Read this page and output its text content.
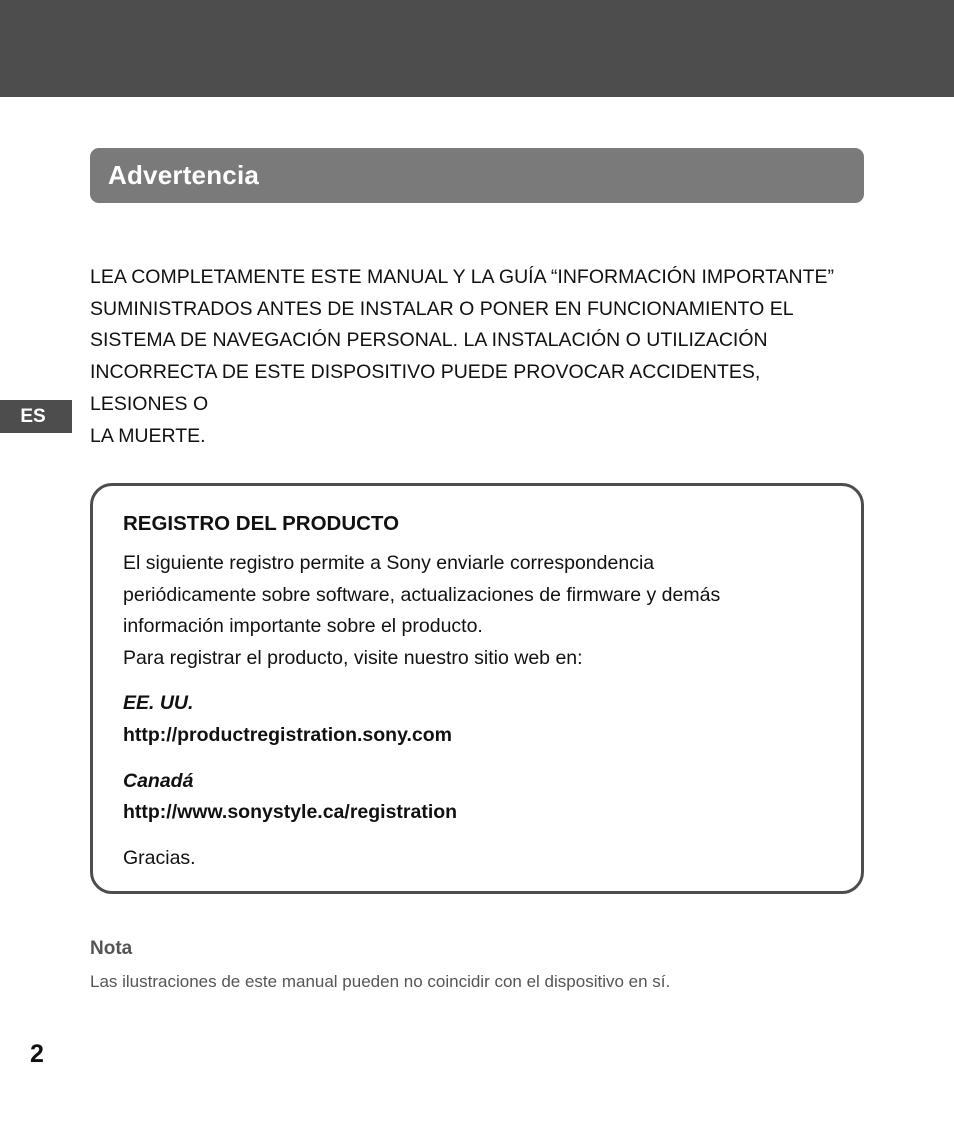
Advertencia

LEA COMPLETAMENTE ESTE MANUAL Y LA GUÍA “INFORMACIÓN IMPORTANTE”
SUMINISTRADOS ANTES DE INSTALAR O PONER EN FUNCIONAMIENTO EL
SISTEMA DE NAVEGACIÓN PERSONAL. LA INSTALACIÓN O UTILIZACIÓN
INCORRECTA DE ESTE DISPOSITIVO PUEDE PROVOCAR ACCIDENTES, LESIONES O
LA MUERTE.

ES

REGISTRO DEL PRODUCTO

El siguiente registro permite a Sony enviarle correspondencia
periódicamente sobre software, actualizaciones de firmware y demás
información importante sobre el producto.
Para registrar el producto, visite nuestro sitio web en:

EE. UU.
http://productregistration.sony.com
Canadá
http://www.sonystyle.ca/registration
Gracias.
Nota
Las ilustraciones de este manual pueden no coincidir con el dispositivo en sí.
2
